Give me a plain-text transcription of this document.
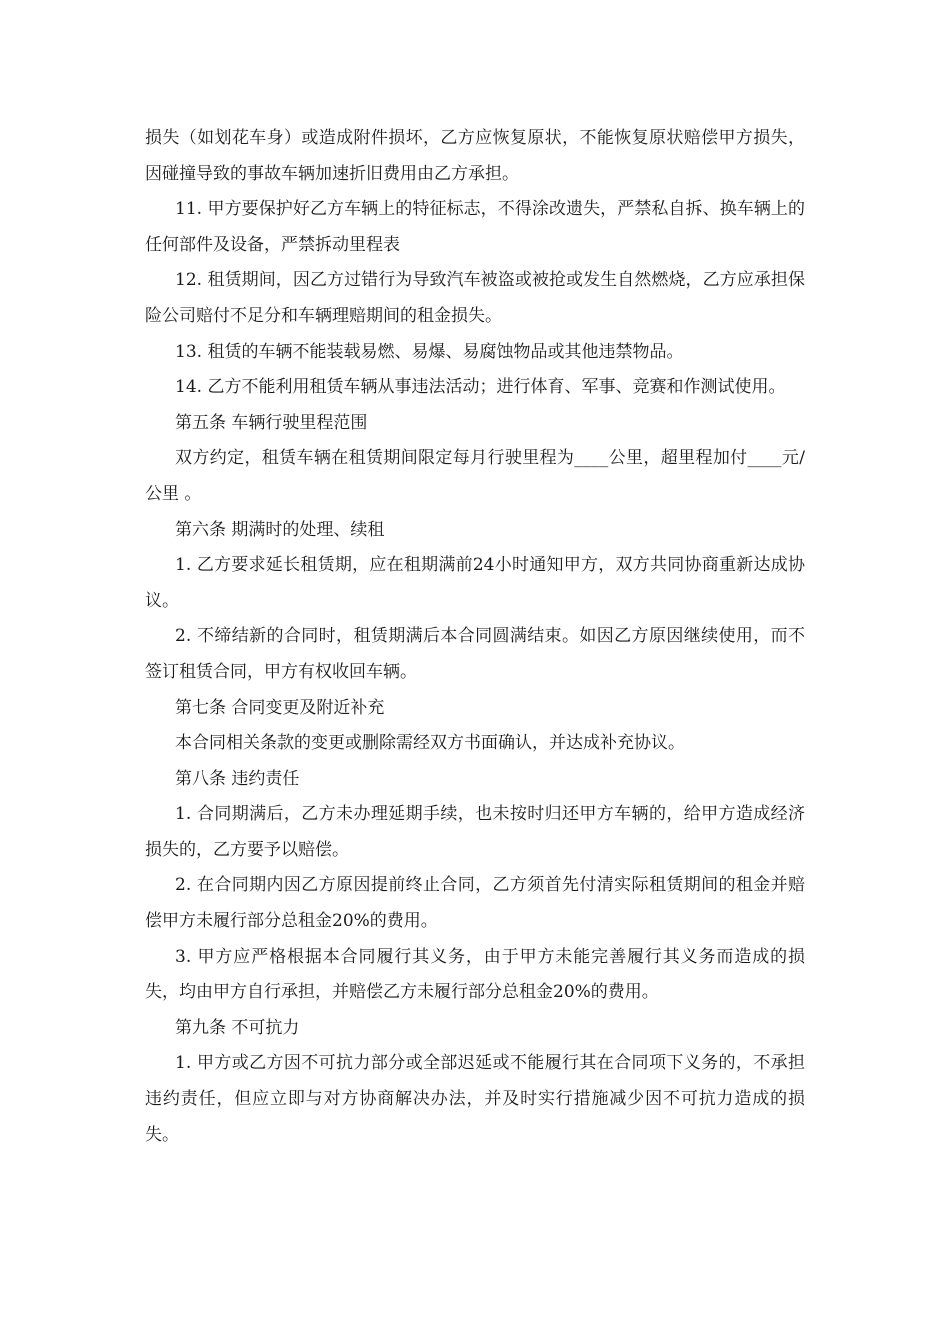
损失（如划花车身）或造成附件损坏，乙方应恢复原状，不能恢复原状赔偿甲方损失，因碰撞导致的事故车辆加速折旧费用由乙方承担。

11. 甲方要保护好乙方车辆上的特征标志，不得涂改遗失，严禁私自拆、换车辆上的任何部件及设备，严禁拆动里程表

12. 租赁期间，因乙方过错行为导致汽车被盗或被抢或发生自然燃烧，乙方应承担保险公司赔付不足分和车辆理赔期间的租金损失。

13. 租赁的车辆不能装载易燃、易爆、易腐蚀物品或其他违禁物品。

14. 乙方不能利用租赁车辆从事违法活动；进行体育、军事、竞赛和作测试使用。

第五条 车辆行驶里程范围

双方约定，租赁车辆在租赁期间限定每月行驶里程为____公里，超里程加付____元/公里 。

第六条 期满时的处理、续租

1. 乙方要求延长租赁期，应在租期满前24小时通知甲方，双方共同协商重新达成协议。

2. 不缔结新的合同时，租赁期满后本合同圆满结束。如因乙方原因继续使用，而不签订租赁合同，甲方有权收回车辆。

第七条 合同变更及附近补充

本合同相关条款的变更或删除需经双方书面确认，并达成补充协议。

第八条 违约责任

1. 合同期满后，乙方未办理延期手续，也未按时归还甲方车辆的，给甲方造成经济损失的，乙方要予以赔偿。

2. 在合同期内因乙方原因提前终止合同，乙方须首先付清实际租赁期间的租金并赔偿甲方未履行部分总租金20%的费用。

3. 甲方应严格根据本合同履行其义务，由于甲方未能完善履行其义务而造成的损失，均由甲方自行承担，并赔偿乙方未履行部分总租金20%的费用。

第九条 不可抗力

1. 甲方或乙方因不可抗力部分或全部迟延或不能履行其在合同项下义务的，不承担违约责任，但应立即与对方协商解决办法，并及时实行措施减少因不可抗力造成的损失。
